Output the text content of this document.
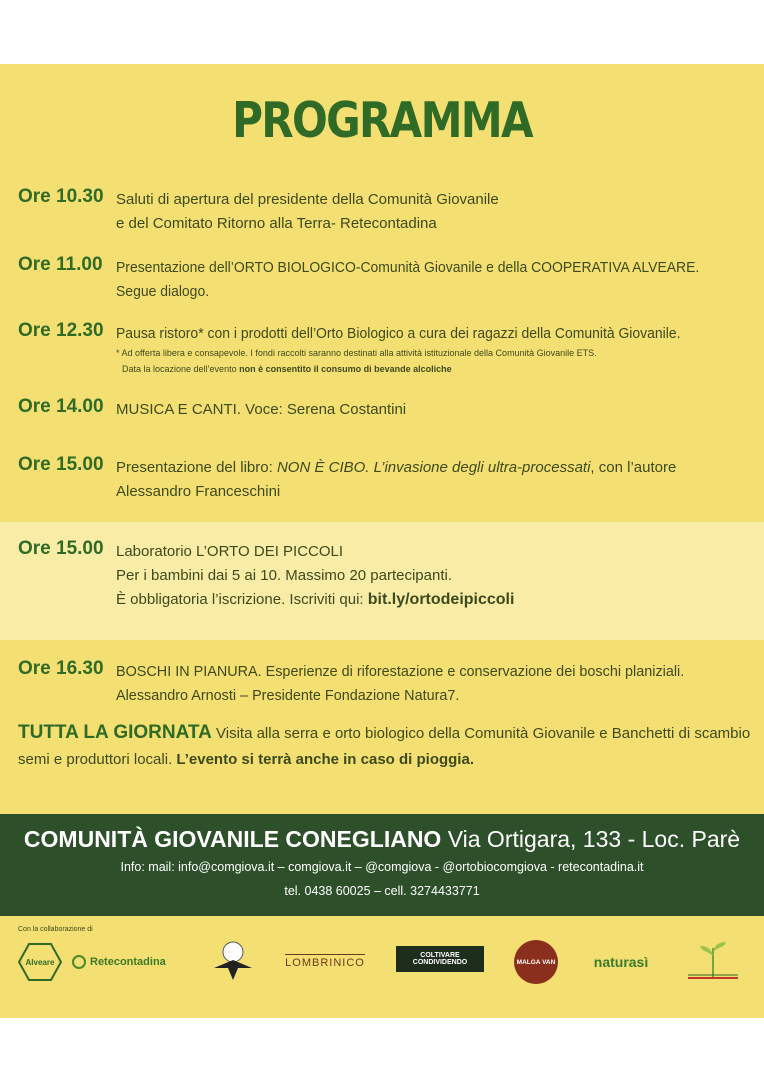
PROGRAMMA
Ore 10.30 Saluti di apertura del presidente della Comunità Giovanile
e del Comitato Ritorno alla Terra- Retecontadina
Ore 11.00 Presentazione dell’ORTO BIOLOGICO-Comunità Giovanile e della COOPERATIVA ALVEARE.
Segue dialogo.
Ore 12.30 Pausa ristoro* con i prodotti dell’Orto Biologico a cura dei ragazzi della Comunità Giovanile.
* Ad offerta libera e consapevole. I fondi raccolti saranno destinati alla attività istituzionale della Comunità Giovanile ETS.
Data la locazione dell’evento non è consentito il consumo di bevande alcoliche
Ore 14.00 MUSICA E CANTI. Voce: Serena Costantini
Ore 15.00 Presentazione del libro: NON È CIBO. L’invasione degli ultra-processati, con l’autore
Alessandro Franceschini
Ore 15.00 Laboratorio L’ORTO DEI PICCOLI
Per i bambini dai 5 ai 10. Massimo 20 partecipanti.
È obbligatoria l’iscrizione. Iscriviti qui: bit.ly/ortodeipiccoli
Ore 16.30 BOSCHI IN PIANURA. Esperienze di riforestazione e conservazione dei boschi planiziali.
Alessandro Arnosti – Presidente Fondazione Natura7.
TUTTA LA GIORNATA Visita alla serra e orto biologico della Comunità Giovanile e Banchetti di scambio semi e produttori locali. L’evento si terrà anche in caso di pioggia.
COMUNITÀ GIOVANILE CONEGLIANO Via Ortigara, 133 - Loc. Parè
Info: mail: info@comgiova.it – comgiova.it – @comgiova - @ortobiocomgiova - retecontadina.it
tel. 0438 60025 – cell. 3274433771
Con la collaborazione di
Alveare	Retecontadina	LOMBRINICO
COLTIVARE
CONDIVIDENDO	MALGA VAN	naturasì
